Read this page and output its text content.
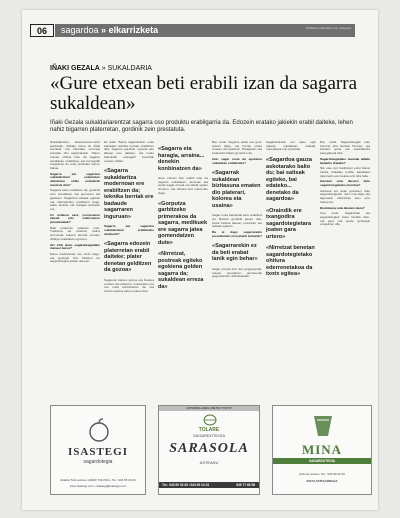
06	sagardoa » elkarrizketa	2015eko urtarrilaren 1a, osteguna
IÑAKI GEZALA » SUKALDARIA
«Gure etxean beti erabili izan da sagarra sukaldean»
Iñaki Gezala sukaldariarentzat sagarra oso produktu erabilgarria da. Edozein eratako jakiekin erabil daiteke, lehen nahiz bigarren platerretan, gordinik zein prestatuta.

Sukaldaritzan, ikastaroetan-nahiz telebistan, ibilbide luzea du Iñaki Gezalak eta hamaika errezeta prestatu ditu sagarrarekin. Haren etxean ohikoa izan da sagarra sukaldean erabiltzea, eta horregatik ezagutzen du ondo produktu horren balioa.

Sagarra eta sagardoa sukaldaritzari eskaintzen dizkizuten ohiko erabilerak zeintzuk dira?

Sagarra asko erabiltzen da; gordinik zein prestatuta, bai gozoetan bai gazietan. Sagardoa saltsak egiteko eta marinatzeko erabiltzen dugu, baita arraina eta haragia lantzeko ere.

Zu nolakoa zara, sormenaren zaleak edo tradizioaren jarraitzaileak?

Biak uztartzen saiatzen naiz. Tradizioa da oinarria, baina sormenak aukera berriak ematen dizkigu sukaldean egunero.

Zer iritzi duzu sagardotegietako menuei buruz?

Menu tradizionala oso ondo dago, eta jendeak hori bilatzen du sagardotegira joaten denean.

Ez dakit. Baina sagarrarekin mota askotako teknika berriak erabiltzen dira. Sagarra gordinik, egosita edo labean erre daiteke, eta modu bakoitzak ezaugarri bereziak ematen dizkio.

«Sagarra sukaldaritza modernoan ere erabiltzen da; teknika berriak ere badaude sagarraren inguruan»

Sagarra eta sagardoa sukaldaritzan erabiltzeko aholkurik?

«Sagarra edozein platerretan erabil daiteke; plater denetan gelditzen da gozoa»

Sagarrak zapore gozoa eta freskoa ematen die platerrei. Gatzarekin ere oso ondo konbinatzen da, eta horrek aukera asko ematen ditu.

«Sagarra eta haragia, arraina... denekin konbinatzen da»

Gure etxean beti erabili izan da sagarra sukaldean. Amonak eta amak sagar erreak eta tartak egiten zituzten, eta ohitura hori mantendu dugu.

«Gorputza garbitzeko primerakoa da sagarra, medikuek ere sagarra jatea gomendatzen dute»
«Nirretzat, postreak egiteko egokiena golden sagarra da; sukaldean erreza da»

Bai, noski. Sagarra azido eta gozo artean dago, eta horrek oreka ematen dio platerari. Haragiekin eta arrainekin bikain geratzen da.

Zein sagar mota da egokiena sukaldean erabiltzeko?

«Sagarrak sukaldean bizitasuna ematen dio platerari, kolorea eta usaina»

Sagar mota bakoitzak bere erabilera du. Batzuk gordinik jateko dira, beste batzuk labean erretzeko eta saltsak egiteko.

Ba al dago sagarrarekin prestatutako errezetarik kuttunik?

«Sagarrarekin ez da beti erabat lanik egin behar»

Sagar erreak dira nire gogokoenak, etxean prestatzen genituenak gogorarazten dizkidatelako.

Sagardoarekin ere asko egin daiteke sukaldean: saltsak, marinatuak edo postreak.

«Sagardoa gauza askotarako balio du; bai saltsak egiteko, bai edateko... denetako da sagardoa»
«Oraindik ere txangodira sagardotegietara joaten gara urtero»
«Nirretzat benetan sagardotegietako ohitura ederrenetakoa da txotx egitea»

Bai, noski. Sagardotegiak leku berezia dira Euskal Herrian, eta bertako giroa eta sukaldaritza paregabeak dira.

Sagardotegietako menuak aldatu beharko lirateke?

Nik uste dut tradizioari eutsi behar zaiola, bakailao tortilla, bakailaoa piperrekin eta txuleta ezin dira falta.

Gazteek nola ikusten dute sagardotegietako mundua?

Gazteek ere asko gozatzen dute sagardotegietan. Giro ona dago eta lagunekin elkartzeko leku ezin hobea da.

Etorkizuna nola ikusten duzu?

Oso ondo. Sagardoak eta sagardotegiek indar handia dute, eta gero eta jende gehiagok ezagutzen ditu.

ISASTEGI
sagardotegia
Aldaba Txiki auzoa • 20400 TOLOSA • Tel.: 943 65 29 64
www.isastegi.com • isastegi@isastegi.com
URTARRILAREN 15ETIK TXOTX!
TOLARE
SAGARDOTEGIA
SARASOLA
ASTEASU
Tel.: 943 69 03 35 / 943 69 14 23	639 77 66 58
MINA
SAGARDOTEGIA
Azkorte auzoa • Tel.: 943 69 22 20
20170 ASTIGARRAGA
